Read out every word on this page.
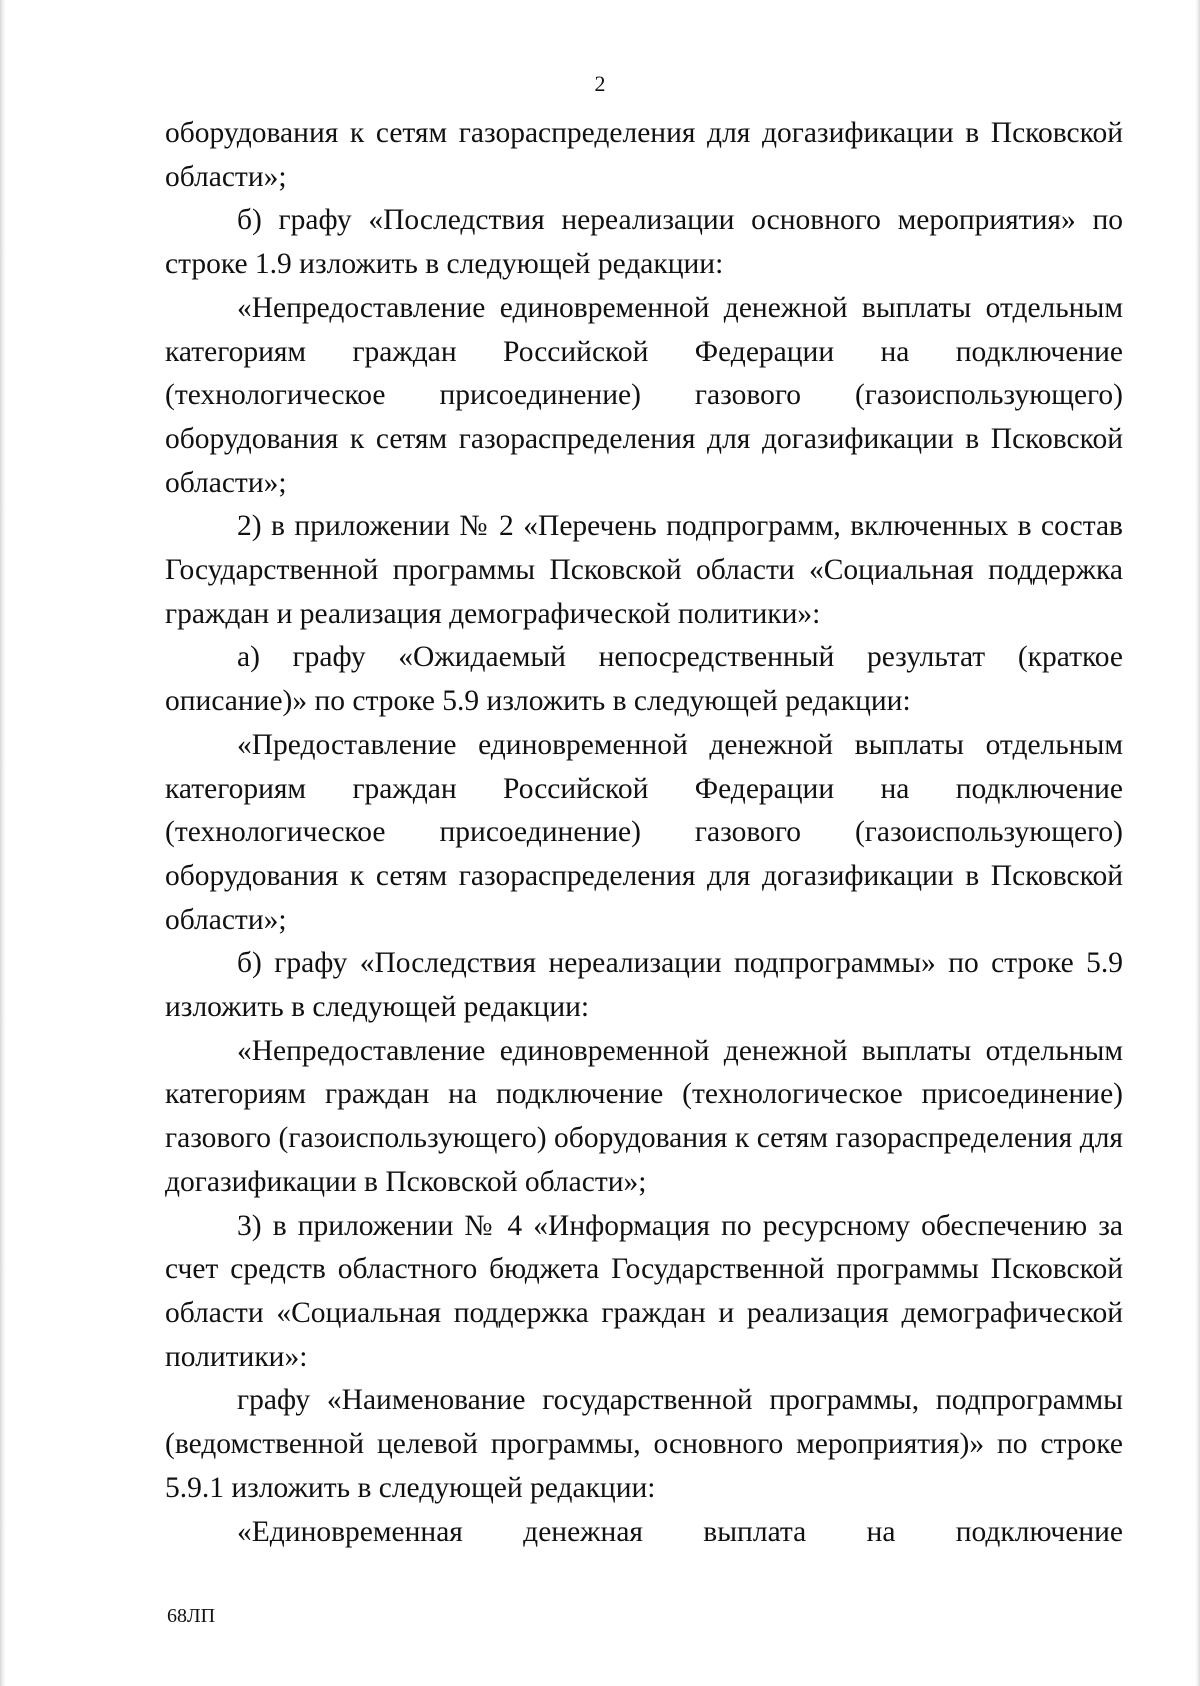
2

оборудования к сетям газораспределения для догазификации в Псковской области»;

б) графу «Последствия нереализации основного мероприятия» по строке 1.9 изложить в следующей редакции:

«Непредоставление единовременной денежной выплаты отдельным категориям граждан Российской Федерации на подключение (технологическое присоединение) газового (газоиспользующего) оборудования к сетям газораспределения для догазификации в Псковской области»;

2) в приложении № 2 «Перечень подпрограмм, включенных в состав Государственной программы Псковской области «Социальная поддержка граждан и реализация демографической политики»:

а) графу «Ожидаемый непосредственный результат (краткое описание)» по строке 5.9 изложить в следующей редакции:

«Предоставление единовременной денежной выплаты отдельным категориям граждан Российской Федерации на подключение (технологическое присоединение) газового (газоиспользующего) оборудования к сетям газораспределения для догазификации в Псковской области»;

б) графу «Последствия нереализации подпрограммы» по строке 5.9 изложить в следующей редакции:

«Непредоставление единовременной денежной выплаты отдельным категориям граждан на подключение (технологическое присоединение) газового (газоиспользующего) оборудования к сетям газораспределения для догазификации в Псковской области»;

3) в приложении № 4 «Информация по ресурсному обеспечению за счет средств областного бюджета Государственной программы Псковской области «Социальная поддержка граждан и реализация демографической политики»:

графу «Наименование государственной программы, подпрограммы (ведомственной целевой программы, основного мероприятия)» по строке 5.9.1 изложить в следующей редакции:

«Единовременная денежная выплата на подключение

68ЛП
